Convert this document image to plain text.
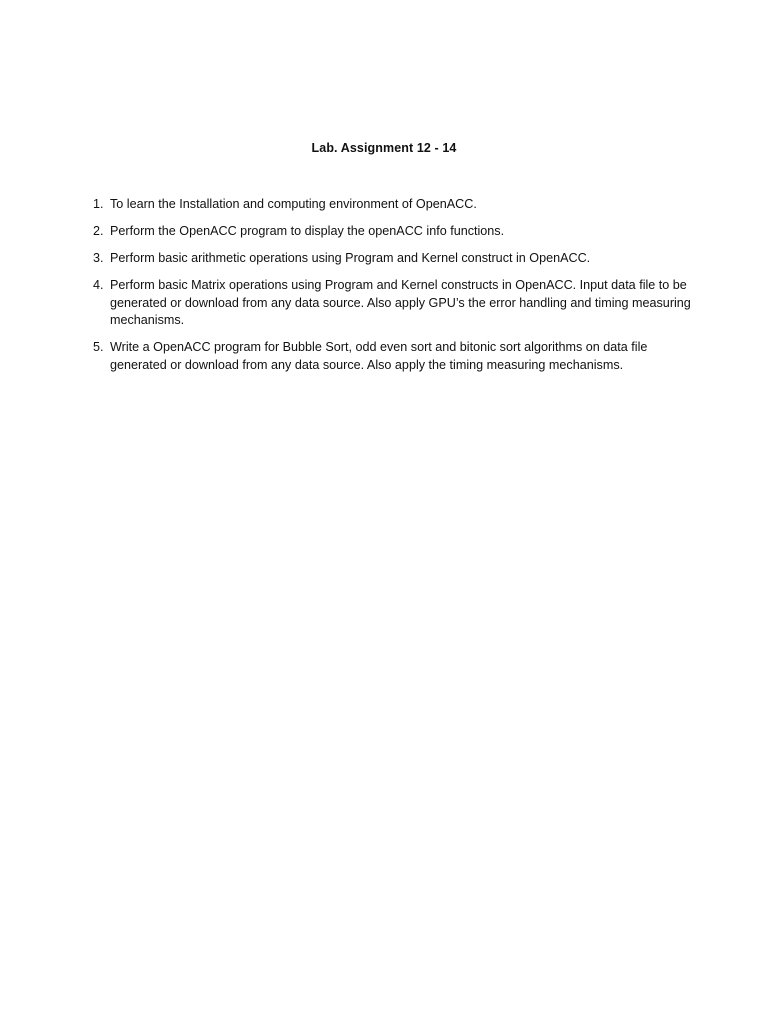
Lab. Assignment 12 - 14
1. To learn the Installation and computing environment of OpenACC.
2. Perform the OpenACC program to display the openACC info functions.
3. Perform basic arithmetic operations using Program and Kernel construct in OpenACC.
4. Perform basic Matrix operations using Program and Kernel constructs in OpenACC. Input data file to be generated or download from any data source. Also apply GPU’s the error handling and timing measuring mechanisms.
5. Write a OpenACC program for Bubble Sort, odd even sort and bitonic sort algorithms on data file generated or download from any data source. Also apply the timing measuring mechanisms.
